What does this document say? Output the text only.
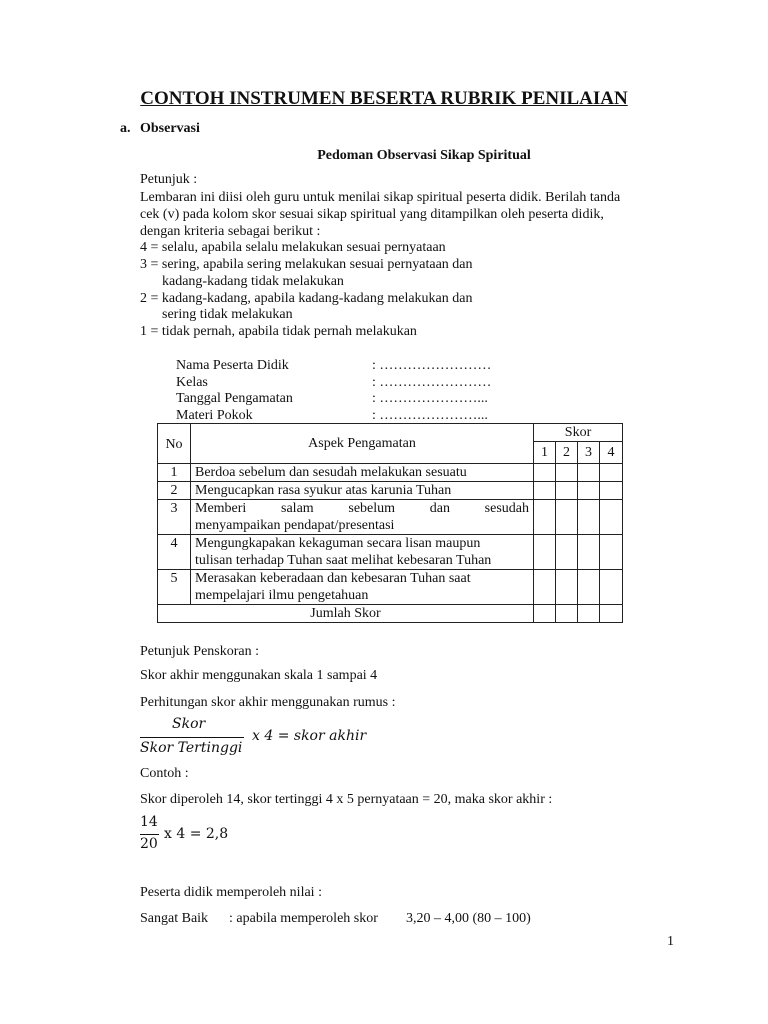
CONTOH INSTRUMEN BESERTA RUBRIK PENILAIAN
a. Observasi
Pedoman Observasi Sikap Spiritual
Petunjuk :
Lembaran ini diisi oleh guru untuk menilai sikap spiritual peserta didik. Berilah tanda
cek (v) pada kolom skor sesuai sikap spiritual yang ditampilkan oleh peserta didik,
dengan kriteria sebagai berikut :
4 = selalu, apabila selalu melakukan sesuai pernyataan
3 = sering, apabila sering melakukan sesuai pernyataan dan
kadang-kadang tidak melakukan
2 = kadang-kadang, apabila kadang-kadang melakukan dan
sering tidak melakukan
1 = tidak pernah, apabila tidak pernah melakukan
Nama Peserta Didik	: ……………………
Kelas	: ……………………
Tanggal Pengamatan	: …………………...
Materi Pokok	: …………………...
No	Aspek Pengamatan	Skor			
		1	2	3	4
1	Berdoa sebelum dan sesudah melakukan sesuatu				
2	Mengucapkan rasa syukur atas karunia Tuhan				
3	Memberi salam sebelum dan sesudah
menyampaikan pendapat/presentasi				

4	Mengungkapakan kekaguman secara lisan maupun
tulisan terhadap Tuhan saat melihat kebesaran Tuhan				

5	Merasakan keberadaan dan kebesaran Tuhan saat
mempelajari ilmu pengetahuan				

Jumlah Skor					
Petunjuk Penskoran :
Skor akhir menggunakan skala 1 sampai 4
Perhitungan skor akhir menggunakan rumus :
Skor
Skor Tertinggi
x 4 = skor akhir
Contoh :
Skor diperoleh 14, skor tertinggi 4 x 5 pernyataan = 20, maka skor akhir :
14
20
x 4 = 2,8
Peserta didik memperoleh nilai :
Sangat Baik : apabila memperoleh skor 3,20 – 4,00 (80 – 100)
1
